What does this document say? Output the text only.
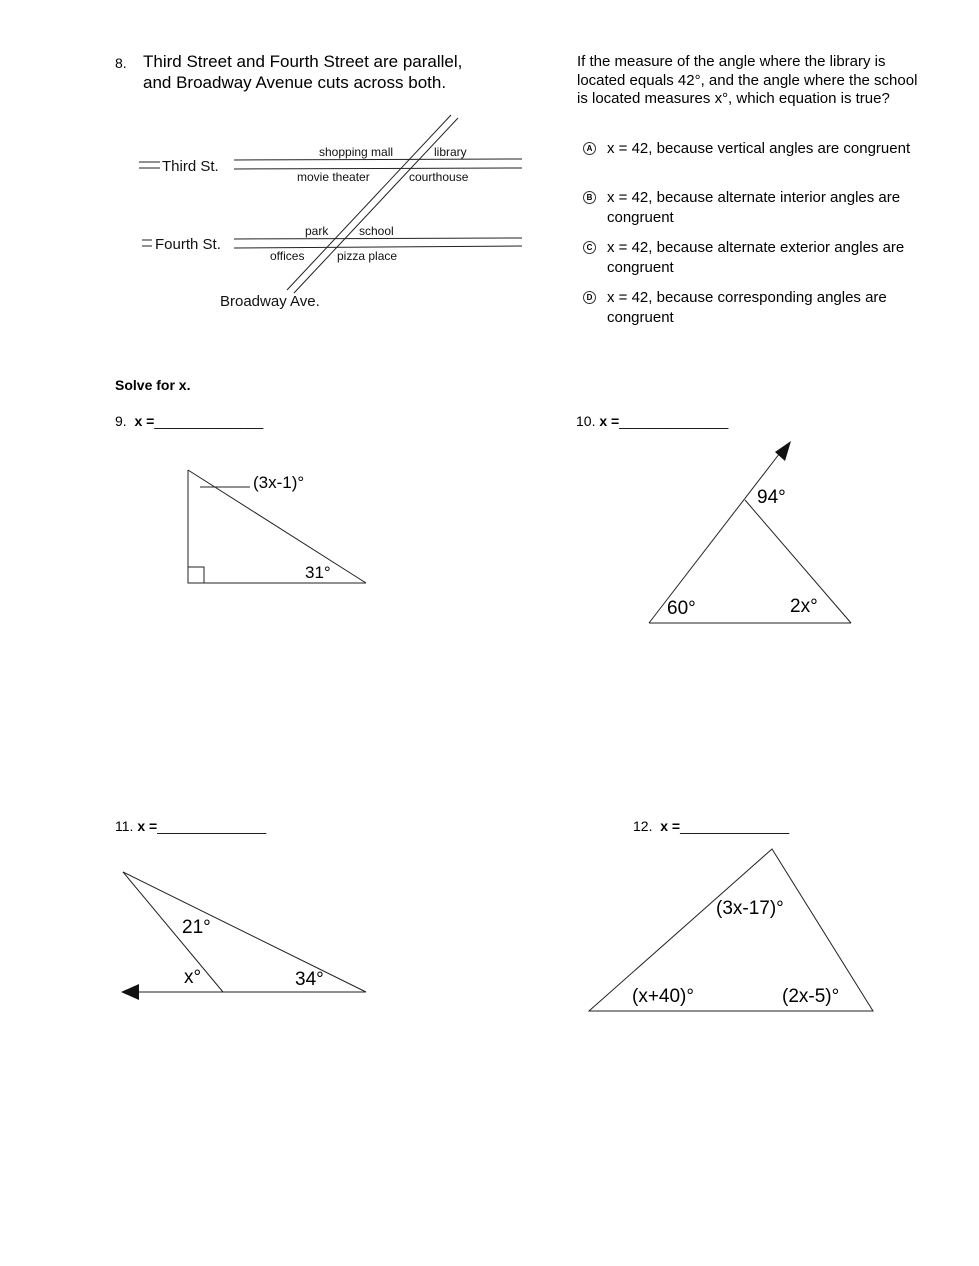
8. Third Street and Fourth Street are parallel,
and Broadway Avenue cuts across both.
If the measure of the angle where the library is located equals 42°, and the angle where the school is located measures x°, which equation is true?
A x = 42, because vertical angles are congruent
B x = 42, because alternate interior angles are congruent
C x = 42, because alternate exterior angles are congruent
D x = 42, because corresponding angles are congruent
Solve for x.
9. x =______________	10. x =______________
11. x =______________	12. x =______________
Third St.
Fourth St.
Broadway Ave.
shopping mall	library
movie theater	courthouse
park	school
offices	pizza place
(3x-1)°
31°
94°
60°	2x°
21°
x°	34°
(3x-17)°
(x+40)°	(2x-5)°
